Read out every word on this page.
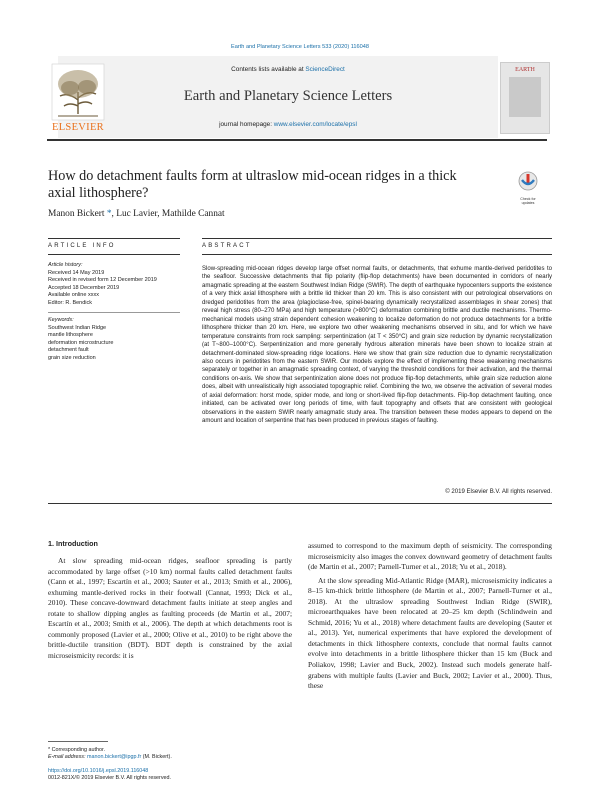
Earth and Planetary Science Letters 533 (2020) 116048
ELSEVIER
Contents lists available at ScienceDirect
Earth and Planetary Science Letters
journal homepage: www.elsevier.com/locate/epsl
EARTH
How do detachment faults form at ultraslow mid-ocean ridges in a thick axial lithosphere?	Check for
updates
Manon Bickert *, Luc Lavier, Mathilde Cannat
ARTICLE INFO
Article history:
Received 14 May 2019
Received in revised form 12 December 2019
Accepted 18 December 2019
Available online xxxx
Editor: R. Bendick
Keywords:
Southwest Indian Ridge
mantle lithosphere
deformation microstructure
detachment fault
grain size reduction
ABSTRACT
Slow-spreading mid-ocean ridges develop large offset normal faults, or detachments, that exhume mantle-derived peridotites to the seafloor. Successive detachments that flip polarity (flip-flop detachments) have been documented in corridors of nearly amagmatic spreading at the eastern Southwest Indian Ridge (SWIR). The depth of earthquake hypocenters supports the existence of a very thick axial lithosphere with a brittle lid thicker than 20 km. This is also consistent with our petrological observations on dredged peridotites from the area (plagioclase-free, spinel-bearing dynamically recrystallized assemblages in shear zones) that reveal high stress (80–270 MPa) and high temperature (>800°C) deformation combining brittle and ductile mechanisms. Thermo-mechanical models using strain dependent cohesion weakening to localize deformation do not produce detachments for a brittle lithosphere thicker than 20 km. Here, we explore two other weakening mechanisms observed in situ, and for which we have temperature constraints from rock sampling: serpentinization (at T < 350°C) and grain size reduction by dynamic recrystallization (at T~800–1000°C). Serpentinization and more generally hydrous alteration minerals have been shown to localize strain at detachment-dominated slow-spreading ridge locations. Here we show that grain size reduction due to dynamic recrystallization also occurs in peridotites from the eastern SWIR. Our models explore the effect of implementing these weakening mechanisms separately or together in an amagmatic spreading context, of varying the threshold conditions for their activation, and the thermal conditions on-axis. We show that serpentinization alone does not produce flip-flop detachments, while grain size reduction alone does, albeit with unrealistically high associated topographic relief. Combining the two, we observe the activation of several modes of axial deformation: horst mode, spider mode, and long or short-lived flip-flop detachments. Flip-flop detachment faulting, once initiated, can be activated over long periods of time, with fault topography and offsets that are consistent with geological observations in the eastern SWIR nearly amagmatic study area. The transition between these modes appears to depend on the amount and location of serpentine that has been produced in previous stages of faulting.
© 2019 Elsevier B.V. All rights reserved.
1. Introduction

At slow spreading mid-ocean ridges, seafloor spreading is partly accommodated by large offset (>10 km) normal faults called detachment faults (Cann et al., 1997; Escartín et al., 2003; Sauter et al., 2013; Smith et al., 2006), exhuming mantle-derived rocks in their footwall (Cannat, 1993; Dick et al., 2010). These concave-downward detachment faults initiate at steep angles and rotate to shallow dipping angles as faulting proceeds (de Martin et al., 2007; Escartín et al., 2003; Smith et al., 2006). The depth at which detachments root is commonly proposed (Lavier et al., 2000; Olive et al., 2010) to be right above the brittle-ductile transition (BDT). BDT depth is constrained by the axial microseismicity records: it is

assumed to correspond to the maximum depth of seismicity. The corresponding microseismicity also images the convex downward geometry of detachment faults (de Martin et al., 2007; Parnell-Turner et al., 2018; Yu et al., 2018).

At the slow spreading Mid-Atlantic Ridge (MAR), microseismicity indicates a 8–15 km-thick brittle lithosphere (de Martin et al., 2007; Parnell-Turner et al., 2018). At the ultraslow spreading Southwest Indian Ridge (SWIR), microearthquakes have been relocated at 20–25 km depth (Schlindwein and Schmid, 2016; Yu et al., 2018) where detachment faults are developing (Sauter et al., 2013). Yet, numerical experiments that have explored the development of detachments in thick lithosphere contexts, conclude that normal faults cannot evolve into detachments in a brittle lithosphere thicker than 15 km (Buck and Poliakov, 1998; Lavier and Buck, 2002). Instead such models generate half-grabens with multiple faults (Lavier and Buck, 2002; Lavier et al., 2000). Thus, these

* Corresponding author.
E-mail address: manon.bickert@ipgp.fr (M. Bickert).
https://doi.org/10.1016/j.epsl.2019.116048
0012-821X/© 2019 Elsevier B.V. All rights reserved.
